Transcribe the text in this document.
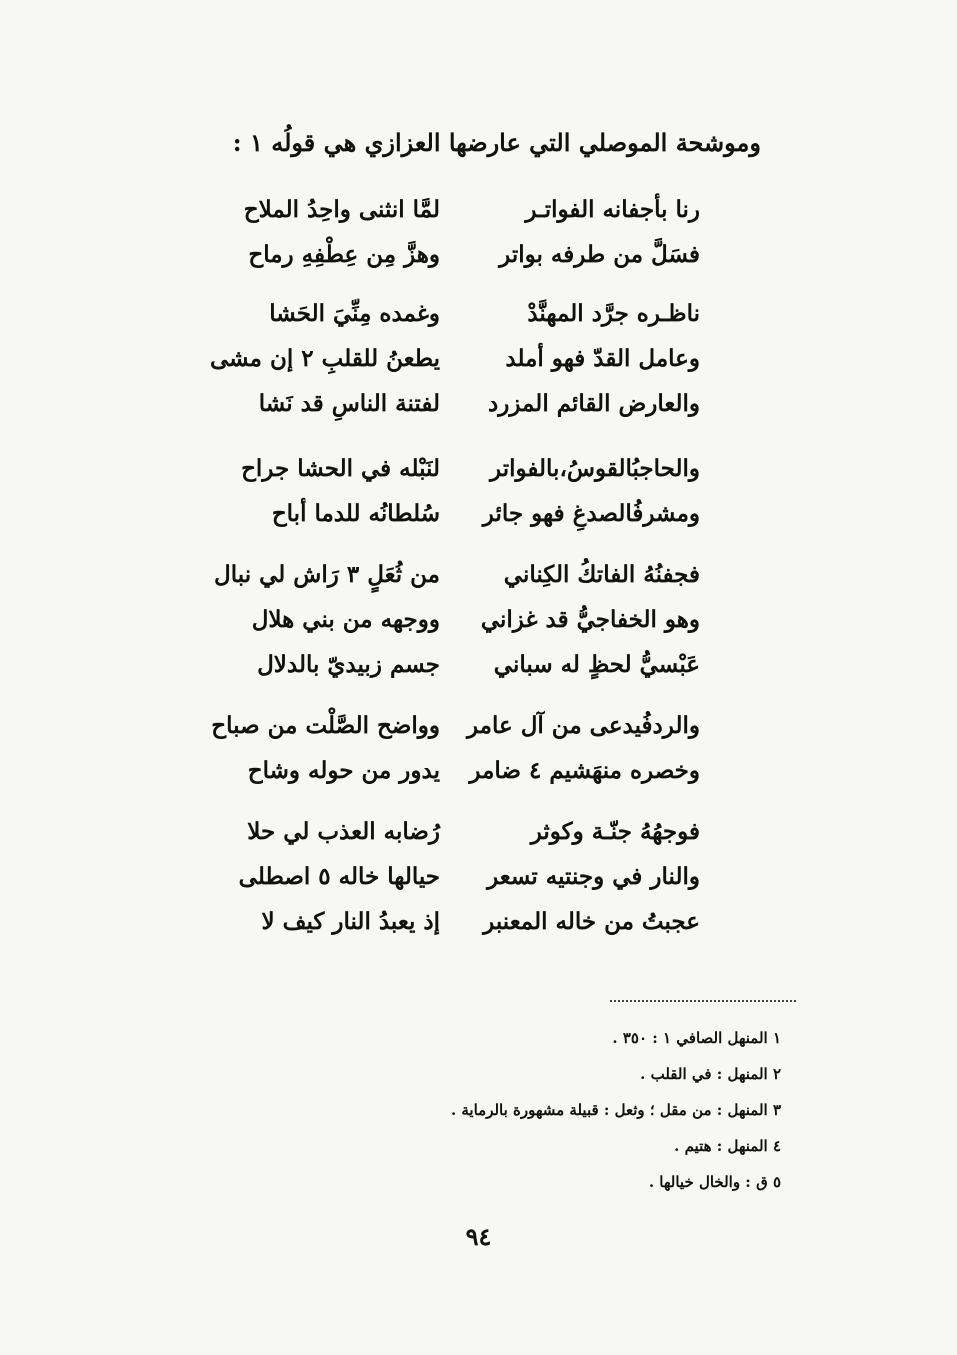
وموشحة الموصلي التي عارضها العزازي هي قولُه ١ :
رنا بأجفانه الفواتـر
لمَّا انثنى واحِدُ الملاح
فسَلَّ من طرفه بواتر
وهزَّ مِن عِطْفِهِ رماح
ناظـره جرَّد المهنَّدْ
وغمده مِنِّيَ الحَشا
وعامل القدّ فهو أملد
يطعنُ للقلبِ ٢ إن مشى
والعارض القائم المزرد
لفتنة الناسِ قد نَشا
والحاجبُالقوسُ،بالفواتر
لنَبْله في الحشا جراح
ومشرفُالصدغِ فهو جائر
سُلطانُه للدما أباح
فجفنُهُ الفاتكُ الكِناني
من ثُعَلٍ ٣ رَاش لي نبال
وهو الخفاجيُّ قد غزاني
ووجهه من بني هلال
عَبْسيُّ لحظٍ له سباني
جسم زبيديّ بالدلال
والردفُيدعى من آل عامر
وواضح الصَّلْت من صباح
وخصره منهَشيم ٤ ضامر
يدور من حوله وشاح
فوجهُهُ جنّـة وكوثر
رُضابه العذب لي حلا
والنار في وجنتيه تسعر
حيالها خاله ٥ اصطلى
عجبتُ من خاله المعنبر
إذ يعبدُ النار كيف لا
١ المنهل الصافي ١ : ٣٥٠ .
٢ المنهل : في القلب .
٣ المنهل : من مقل ؛ وثعل : قبيلة مشهورة بالرماية .
٤ المنهل : هتيم .
٥ ق : والخال خيالها .
٩٤
